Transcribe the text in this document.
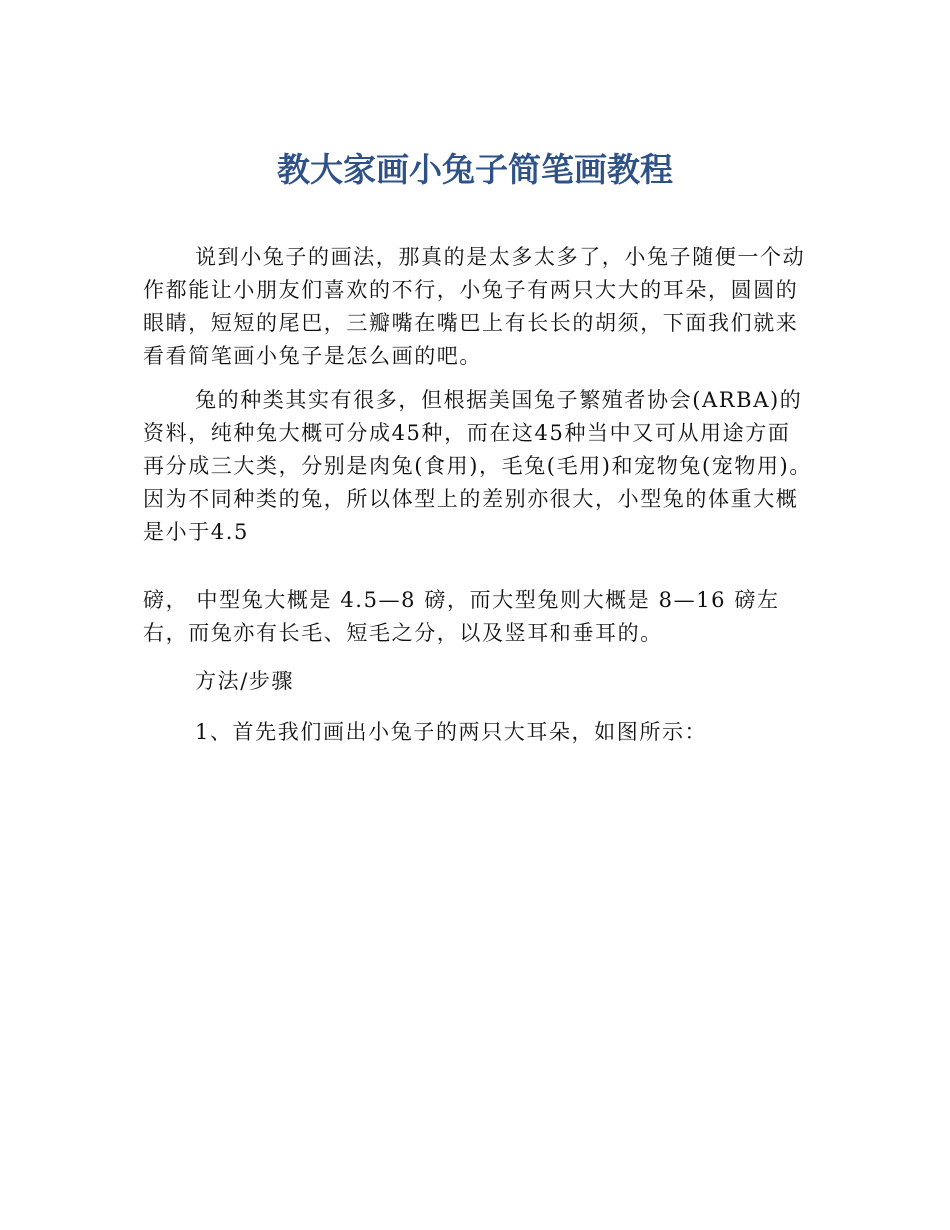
教大家画小兔子简笔画教程

说到小兔子的画法，那真的是太多太多了，小兔子随便一个动作都能让小朋友们喜欢的不行，小兔子有两只大大的耳朵，圆圆的眼睛，短短的尾巴，三瓣嘴在嘴巴上有长长的胡须，下面我们就来看看简笔画小兔子是怎么画的吧。

兔的种类其实有很多，但根据美国兔子繁殖者协会(ARBA)的资料，纯种兔大概可分成45种，而在这45种当中又可从用途方面再分成三大类，分别是肉兔(食用)，毛兔(毛用)和宠物兔(宠物用)。因为不同种类的兔，所以体型上的差别亦很大，小型兔的体重大概是小于4.5

磅， 中型兔大概是 4.5—8 磅，而大型兔则大概是 8—16 磅左右，而兔亦有长毛、短毛之分，以及竖耳和垂耳的。

方法/步骤

1、首先我们画出小兔子的两只大耳朵，如图所示：
